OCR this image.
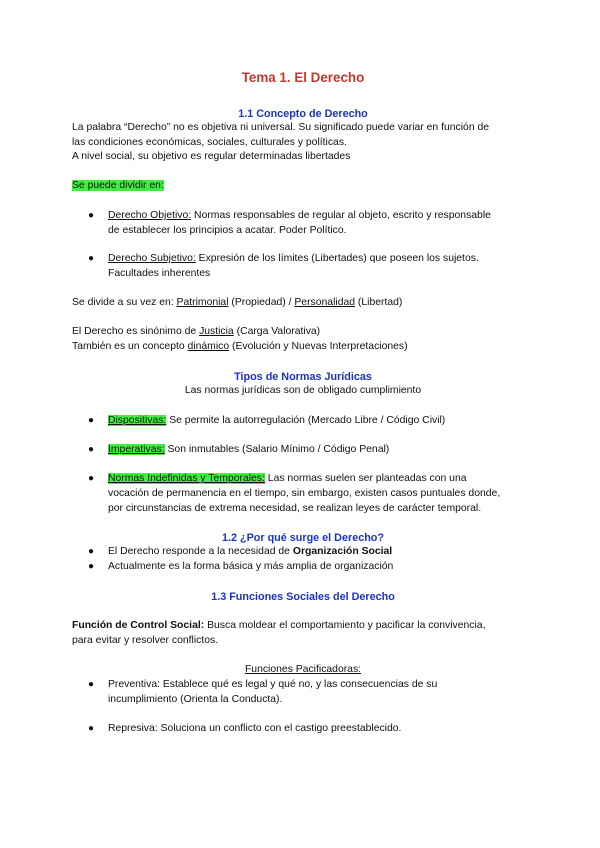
Tema 1. El Derecho
1.1 Concepto de Derecho
La palabra “Derecho” no es objetiva ni universal. Su significado puede variar en función de
las condiciones económicas, sociales, culturales y políticas.
A nivel social, su objetivo es regular determinadas libertades
Se puede dividir en:
● Derecho Objetivo: Normas responsables de regular al objeto, escrito y responsable
de establecer los principios a acatar. Poder Político.
● Derecho Subjetivo: Expresión de los límites (Libertades) que poseen los sujetos.
Facultades inherentes
Se divide a su vez en: Patrimonial (Propiedad) / Personalidad (Libertad)
El Derecho es sinónimo de Justicia (Carga Valorativa)
También es un concepto dinámico (Evolución y Nuevas Interpretaciones)
Tipos de Normas Jurídicas
Las normas jurídicas son de obligado cumplimiento
● Dispositivas: Se permite la autorregulación (Mercado Libre / Código Civil)
● Imperativas: Son inmutables (Salario Mínimo / Código Penal)
● Normas Indefinidas y Temporales: Las normas suelen ser planteadas con una
vocación de permanencia en el tiempo, sin embargo, existen casos puntuales donde,
por circunstancias de extrema necesidad, se realizan leyes de carácter temporal.
1.2 ¿Por qué surge el Derecho?
● El Derecho responde a la necesidad de Organización Social
● Actualmente es la forma básica y más amplia de organización
1.3 Funciones Sociales del Derecho
Función de Control Social: Busca moldear el comportamiento y pacificar la convivencia,
para evitar y resolver conflictos.
Funciones Pacificadoras:
● Preventiva: Establece qué es legal y qué no, y las consecuencias de su
incumplimiento (Orienta la Conducta).
● Represiva: Soluciona un conflicto con el castigo preestablecido.
